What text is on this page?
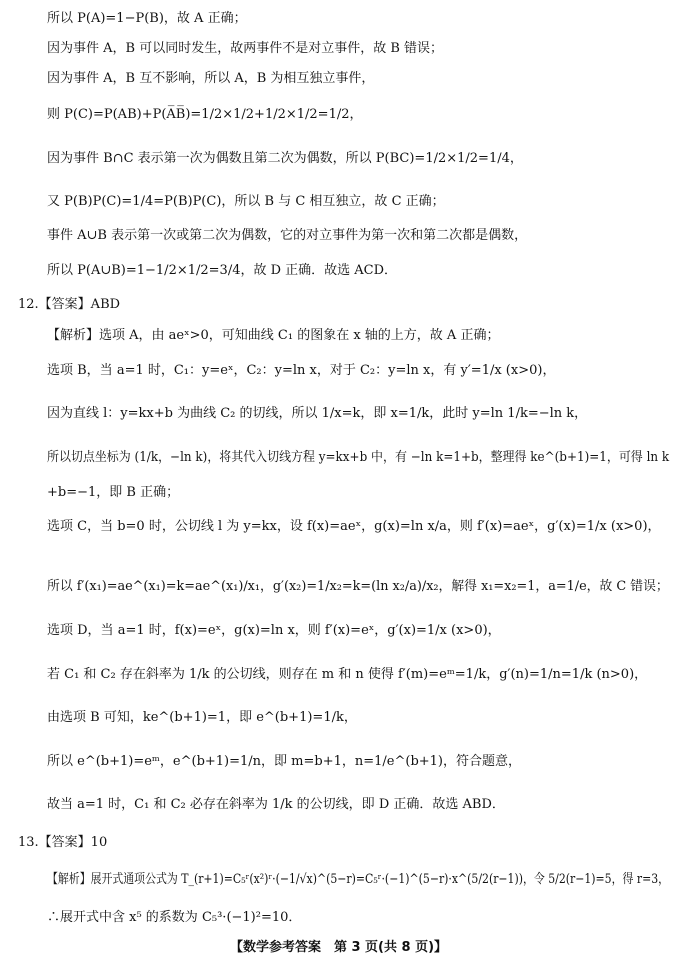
所以 P(A)=1−P(B)，故 A 正确；
因为事件 A，B 可以同时发生，故两事件不是对立事件，故 B 错误；
因为事件 A，B 互不影响，所以 A，B 为相互独立事件，
则 P(C)=P(AB)+P(A̅B̅)=1/2×1/2+1/2×1/2=1/2，
因为事件 B∩C 表示第一次为偶数且第二次为偶数，所以 P(BC)=1/2×1/2=1/4，
又 P(B)P(C)=1/4=P(B)P(C)，所以 B 与 C 相互独立，故 C 正确；
事件 A∪B 表示第一次或第二次为偶数，它的对立事件为第一次和第二次都是偶数，
所以 P(A∪B)=1−1/2×1/2=3/4，故 D 正确．故选 ACD．
12.【答案】ABD
【解析】选项 A，由 aeˣ>0，可知曲线 C₁ 的图象在 x 轴的上方，故 A 正确；
选项 B，当 a=1 时，C₁：y=eˣ，C₂：y=ln x，对于 C₂：y=ln x，有 y′=1/x (x>0)，
因为直线 l：y=kx+b 为曲线 C₂ 的切线，所以 1/x=k，即 x=1/k，此时 y=ln 1/k=−ln k，
所以切点坐标为 (1/k，−ln k)，将其代入切线方程 y=kx+b 中，有 −ln k=1+b，整理得 ke^(b+1)=1，可得 ln k
+b=−1，即 B 正确；
选项 C，当 b=0 时，公切线 l 为 y=kx，设 f(x)=aeˣ，g(x)=ln x/a，则 f′(x)=aeˣ，g′(x)=1/x (x>0)，
所以 f′(x₁)=ae^(x₁)=k=ae^(x₁)/x₁，g′(x₂)=1/x₂=k=(ln x₂/a)/x₂，解得 x₁=x₂=1，a=1/e，故 C 错误；
选项 D，当 a=1 时，f(x)=eˣ，g(x)=ln x，则 f′(x)=eˣ，g′(x)=1/x (x>0)，
若 C₁ 和 C₂ 存在斜率为 1/k 的公切线，则存在 m 和 n 使得 f′(m)=eᵐ=1/k，g′(n)=1/n=1/k (n>0)，
由选项 B 可知，ke^(b+1)=1，即 e^(b+1)=1/k，
所以 e^(b+1)=eᵐ，e^(b+1)=1/n，即 m=b+1，n=1/e^(b+1)，符合题意，
故当 a=1 时，C₁ 和 C₂ 必存在斜率为 1/k 的公切线，即 D 正确．故选 ABD．
13.【答案】10
【解析】展开式通项公式为 T_(r+1)=C₅ʳ(x²)ʳ·(−1/√x)^(5−r)=C₅ʳ·(−1)^(5−r)·x^(5/2(r−1))，令 5/2(r−1)=5，得 r=3，
∴展开式中含 x⁵ 的系数为 C₅³·(−1)²=10．
【数学参考答案　第 3 页(共 8 页)】
